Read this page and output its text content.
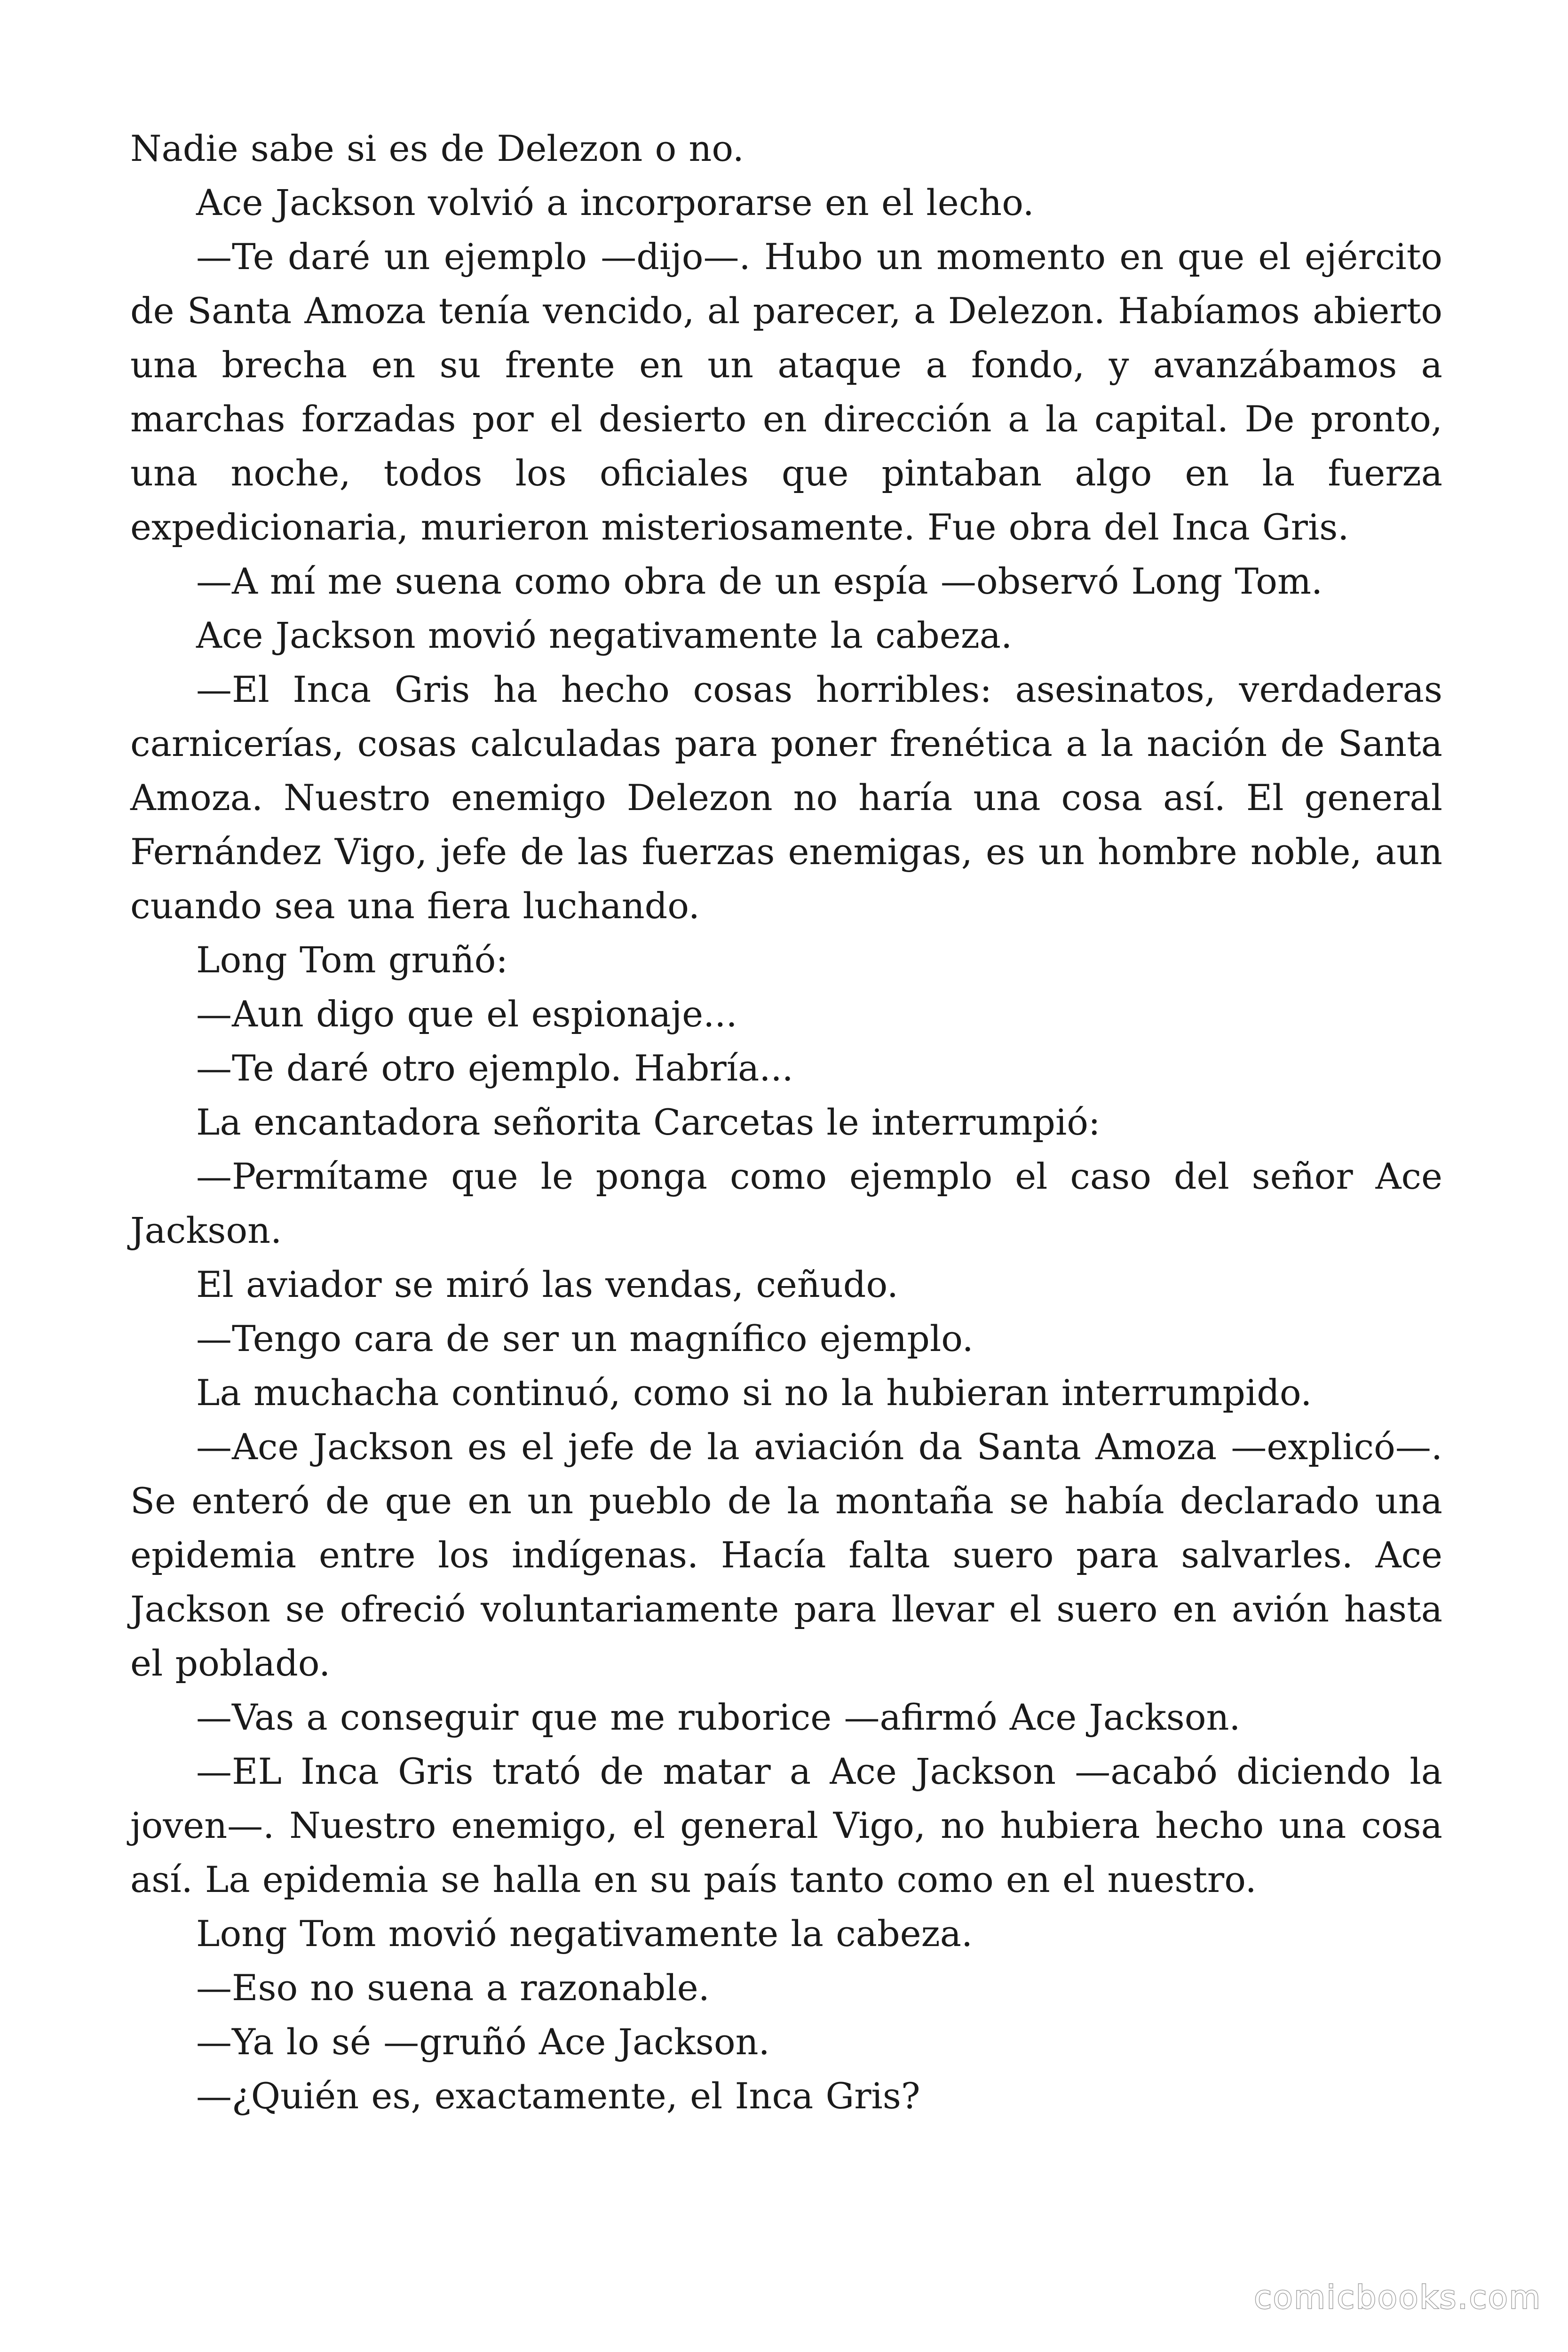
Nadie sabe si es de Delezon o no.

Ace Jackson volvió a incorporarse en el lecho.

—Te daré un ejemplo —dijo—. Hubo un momento en que el ejército de Santa Amoza tenía vencido, al parecer, a Delezon. Habíamos abierto una brecha en su frente en un ataque a fondo, y avanzábamos a marchas forzadas por el desierto en dirección a la capital. De pronto, una noche, todos los oficiales que pintaban algo en la fuerza expedicionaria, murieron misteriosamente. Fue obra del Inca Gris.

—A mí me suena como obra de un espía —observó Long Tom.

Ace Jackson movió negativamente la cabeza.

—El Inca Gris ha hecho cosas horribles: asesinatos, verdaderas carnicerías, cosas calculadas para poner frenética a la nación de Santa Amoza. Nuestro enemigo Delezon no haría una cosa así. El general Fernández Vigo, jefe de las fuerzas enemigas, es un hombre noble, aun cuando sea una fiera luchando.

Long Tom gruñó:

—Aun digo que el espionaje...

—Te daré otro ejemplo. Habría...

La encantadora señorita Carcetas le interrumpió:

—Permítame que le ponga como ejemplo el caso del señor Ace Jackson.

El aviador se miró las vendas, ceñudo.

—Tengo cara de ser un magnífico ejemplo.

La muchacha continuó, como si no la hubieran interrumpido.

—Ace Jackson es el jefe de la aviación da Santa Amoza —explicó—. Se enteró de que en un pueblo de la montaña se había declarado una epidemia entre los indígenas. Hacía falta suero para salvarles. Ace Jackson se ofreció voluntariamente para llevar el suero en avión hasta el poblado.

—Vas a conseguir que me ruborice —afirmó Ace Jackson.

—EL Inca Gris trató de matar a Ace Jackson —acabó diciendo la joven—. Nuestro enemigo, el general Vigo, no hubiera hecho una cosa así. La epidemia se halla en su país tanto como en el nuestro.

Long Tom movió negativamente la cabeza.

—Eso no suena a razonable.

—Ya lo sé —gruñó Ace Jackson.

—¿Quién es, exactamente, el Inca Gris?

comicbooks.com
